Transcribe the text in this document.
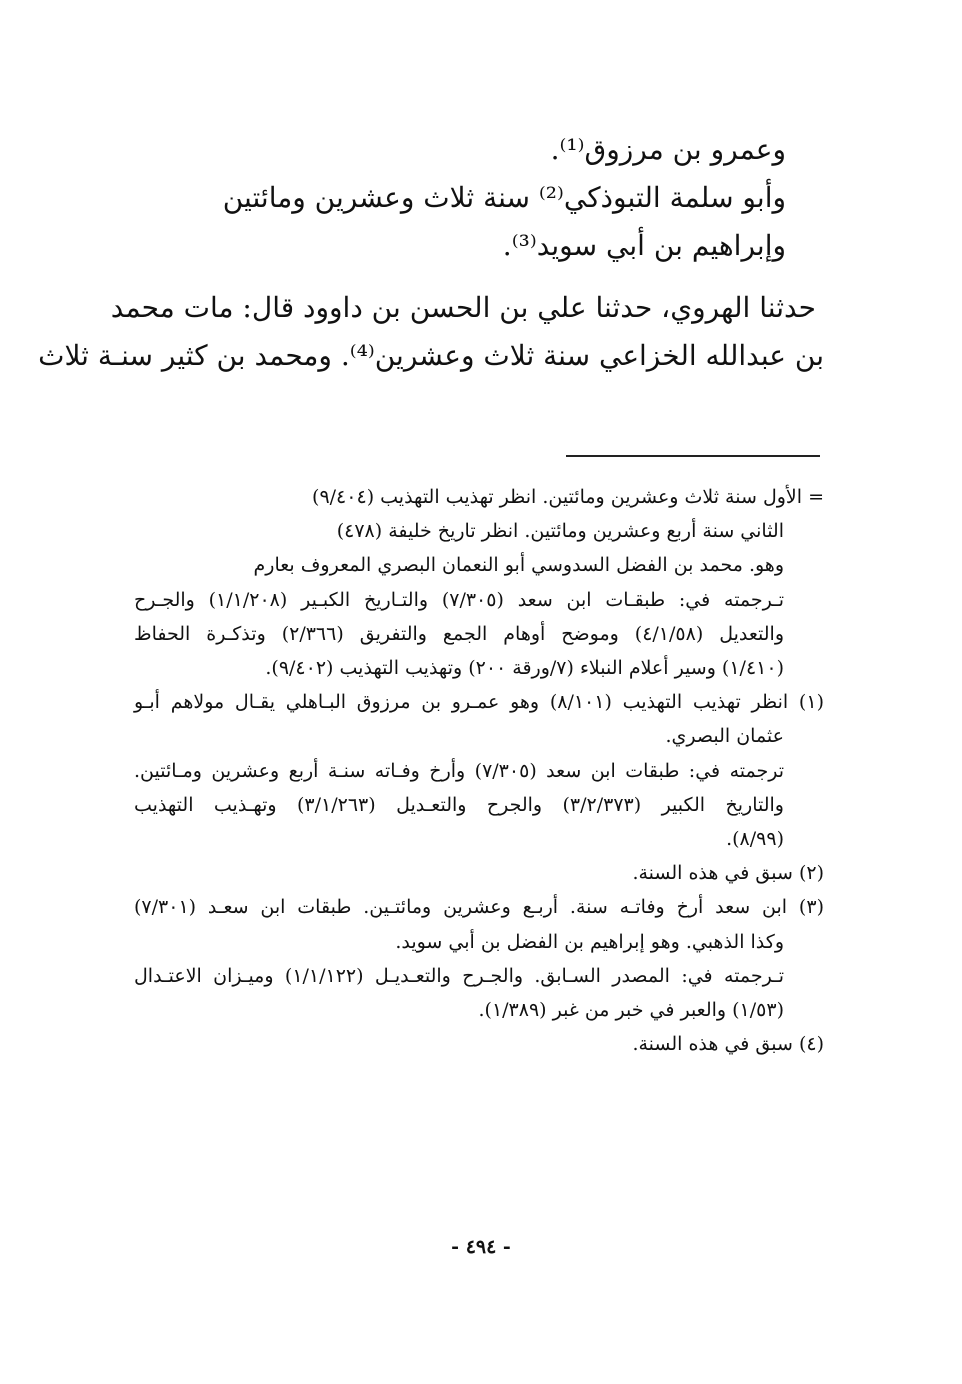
وعمرو بن مرزوق⁽¹⁾.
وأبو سلمة التبوذكي⁽²⁾ سنة ثلاث وعشرين ومائتين
وإبراهيم بن أبي سويد⁽³⁾.
حدثنا الهروي، حدثنا علي بن الحسن بن داوود قال: مات محمد
بن عبدالله الخزاعي سنة ثلاث وعشرين⁽⁴⁾. ومحمد بن كثير سنـة ثلاث
= الأول سنة ثلاث وعشرين ومائتين. انظر تهذيب التهذيب (٩/٤٠٤)
الثاني سنة أربع وعشرين ومائتين. انظر تاريخ خليفة (٤٧٨)
وهو. محمد بن الفضل السدوسي أبو النعمان البصري المعروف بعارم
تـرجمته في: طبقـات ابن سعد (٧/٣٠٥) والتـاريخ الكبـير (١/١/٢٠٨) والجـرح
والتعديل (٤/١/٥٨) وموضح أوهام الجمع والتفريق (٢/٣٦٦) وتذكـرة الحفاظ
(١/٤١٠) وسير أعلام النبلاء (٧/ورقة ٢٠٠) وتهذيب التهذيب (٩/٤٠٢).
(١) انظر تهذيب التهذيب (٨/١٠١) وهو عمـرو بن مرزوق البـاهلي يقـال مولاهم أبـو
عثمان البصري.
ترجمته في: طبقات ابن سعد (٧/٣٠٥) وأرخ وفـاته سنـة أربع وعشرين ومـائتين.
والتاريخ الكبير (٣/٢/٣٧٣) والجرح والتعـديل (٣/١/٢٦٣) وتهـذيب التهذيب
(٨/٩٩).
(٢) سبق في هذه السنة.
(٣) ابن سعد أرخ وفاتـه سنة. أربـع وعشرين ومائتـين. طبقات ابن سعـد (٧/٣٠١)
وكذا الذهبي. وهو إبراهيم بن الفضل بن أبي سويد.
تـرجمته في: المصدر السـابق. والجـرح والتعـديـل (١/١/١٢٢) وميـزان الاعتـدال
(١/٥٣) والعبر في خبر من غبر (١/٣٨٩).
(٤) سبق في هذه السنة.
- ٤٩٤ -
